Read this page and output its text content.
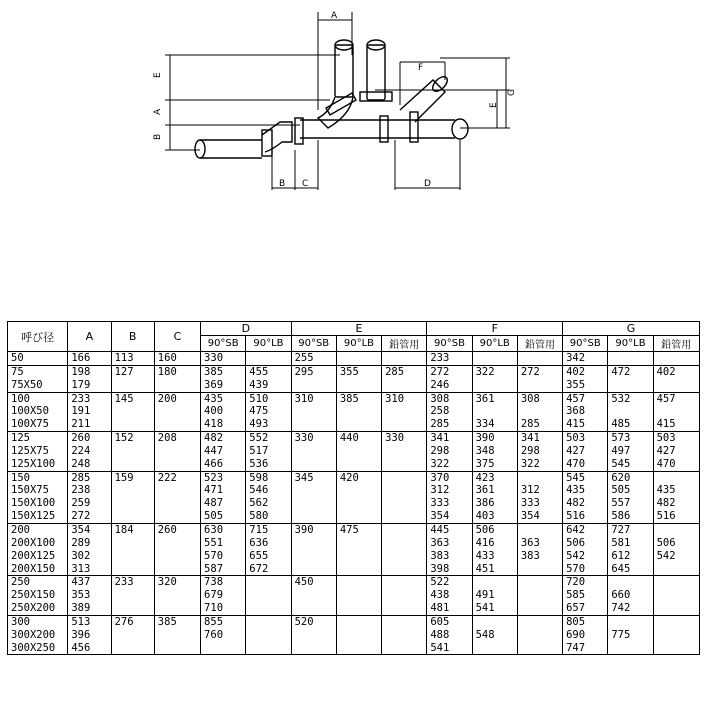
A
E
A
B
F
E
G
B C	D
呼び径	A	B	C	D		E			F			G		
				90°SB	90°LB	90°SB	90°LB	鉛管用	90°SB	90°LB	鉛管用	90°SB	90°LB	鉛管用
50	166	113	160	330		255			233			342		
75	198	127	180	385	455	295	355	285	272	322	272	402	472	402
75X50	179			369	439				246			355		
100	233	145	200	435	510	310	385	310	308	361	308	457	532	457
100X50	191			400	475				258			368		
100X75	211			418	493				285	334	285	415	485	415
125	260	152	208	482	552	330	440	330	341	390	341	503	573	503
125X75	224			447	517				298	348	298	427	497	427
125X100	248			466	536				322	375	322	470	545	470
150	285	159	222	523	598	345	420		370	423		545	620	
150X75	238			471	546				312	361	312	435	505	435
150X100	259			487	562				333	386	333	482	557	482
150X125	272			505	580				354	403	354	516	586	516
200	354	184	260	630	715	390	475		445	506		642	727	
200X100	289			551	636				363	416	363	506	581	506
200X125	302			570	655				383	433	383	542	612	542
200X150	313			587	672				398	451		570	645	
250	437	233	320	738		450			522			720		
250X150	353			679					438	491		585	660	
250X200	389			710					481	541		657	742	
300	513	276	385	855		520			605			805		
300X200	396			760					488	548		690	775	
300X250	456								541			747		
